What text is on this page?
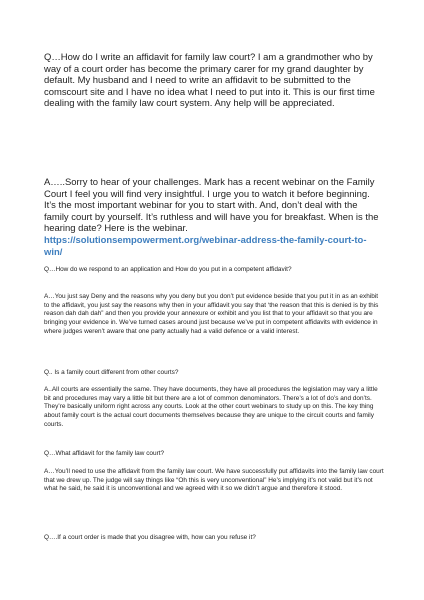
Q…How do I write an affidavit for family law court? I am a grandmother who by way of a court order has become the primary carer for my grand daughter by default. My husband and I need to write an affidavit to be submitted to the comscourt site and I have no idea what I need to put into it. This is our first time dealing with the family law court system. Any help will be appreciated.

A…..Sorry to hear of your challenges. Mark has a recent webinar on the Family Court I feel you will find very insightful. I urge you to watch it before beginning. It’s the most important webinar for you to start with. And, don’t deal with the family court by yourself. It’s ruthless and will have you for breakfast. When is the hearing date? Here is the webinar. https://solutionsempowerment.org/webinar-address-the-family-court-to-win/

Q…How do we respond to an application and How do you put in a competent affidavit?

A…You just say Deny and the reasons why you deny but you don’t put evidence beside that you put it in as an exhibit to the affidavit, you just say the reasons why then in your affidavit you say that ‘the reason that this is denied is by this reason dah dah dah” and then you provide your annexure or exhibit and you list that to your affidavit so that you are bringing your evidence in. We’ve turned cases around just because we’ve put in competent affidavits with evidence in where judges weren’t aware that one party actually had a valid defence or a valid interest.

Q.. Is a family court different from other courts?

A..All courts are essentially the same. They have documents, they have all procedures the legislation may vary a little bit and procedures may vary a little bit but there are a lot of common denominators. There’s a lot of do’s and don’ts. They’re basically uniform right across any courts. Look at the other court webinars to study up on this. The key thing about family court is the actual court documents themselves because they are unique to the circuit courts and family courts.

Q…What affidavit for the family law court?

A…You’ll need to use the affidavit from the family law court. We have successfully put affidavits into the family law court that we drew up. The judge will say things like “Oh this is very unconventional” He’s implying it’s not valid but it’s not what he said, he said it is unconventional and we agreed with it so we didn’t argue and therefore it stood.

Q….If a court order is made that you disagree with, how can you refuse it?
